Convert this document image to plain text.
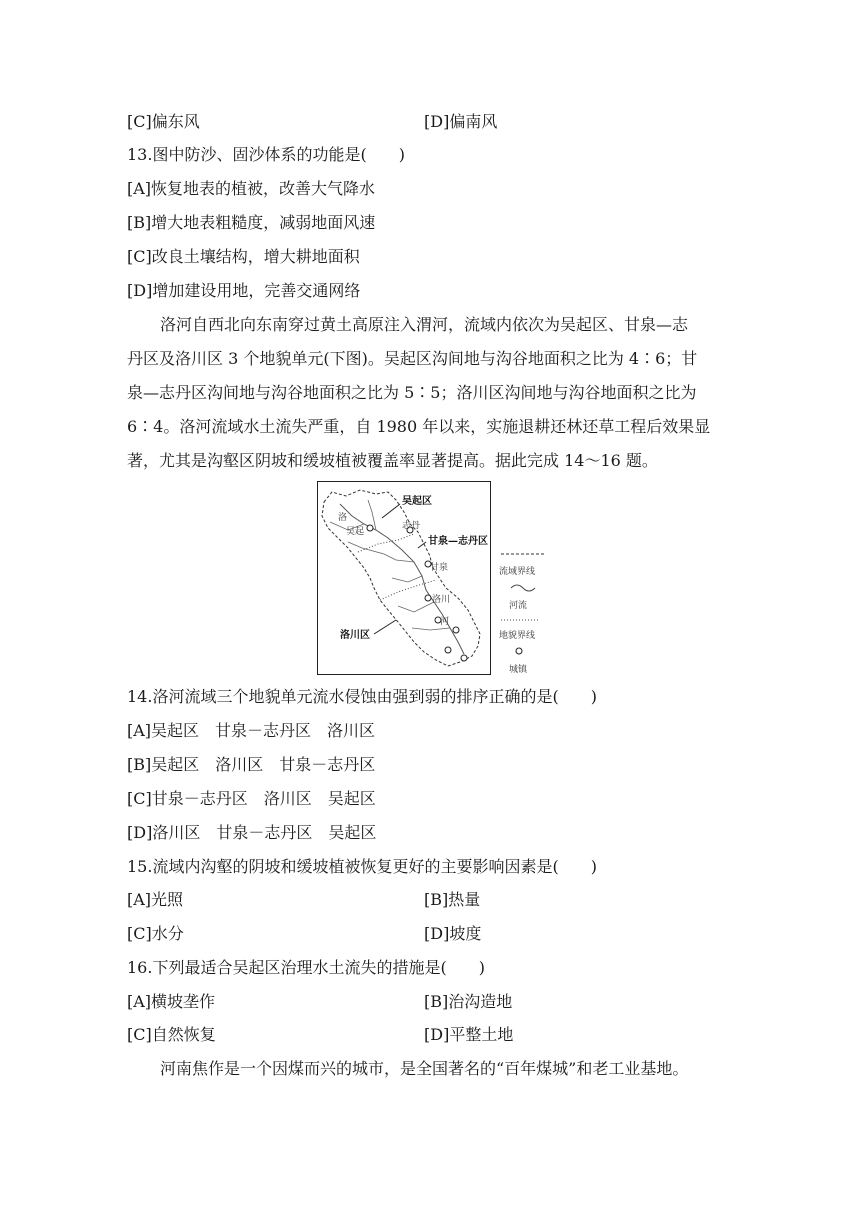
[C]偏东风	[D]偏南风
13.图中防沙、固沙体系的功能是(　　)
[A]恢复地表的植被，改善大气降水
[B]增大地表粗糙度，减弱地面风速
[C]改良土壤结构，增大耕地面积
[D]增加建设用地，完善交通网络
洛河自西北向东南穿过黄土高原注入渭河，流域内依次为吴起区、甘泉—志
丹区及洛川区 3 个地貌单元(下图)。吴起区沟间地与沟谷地面积之比为 4∶6；甘
泉—志丹区沟间地与沟谷地面积之比为 5∶5；洛川区沟间地与沟谷地面积之比为
6∶4。洛河流域水土流失严重，自 1980 年以来，实施退耕还林还草工程后效果显
著，尤其是沟壑区阴坡和缓坡植被覆盖率显著提高。据此完成 14～16 题。
吴起区
洛
吴起
志丹
甘泉—志丹区
甘泉
洛川
河
洛川区
流域界线
河流
地貌界线
城镇
14.洛河流域三个地貌单元流水侵蚀由强到弱的排序正确的是(　　)
[A]吴起区　甘泉－志丹区　洛川区
[B]吴起区　洛川区　甘泉－志丹区
[C]甘泉－志丹区　洛川区　吴起区
[D]洛川区　甘泉－志丹区　吴起区
15.流域内沟壑的阴坡和缓坡植被恢复更好的主要影响因素是(　　)
[A]光照	[B]热量
[C]水分	[D]坡度
16.下列最适合吴起区治理水土流失的措施是(　　)
[A]横坡垄作	[B]治沟造地
[C]自然恢复	[D]平整土地
河南焦作是一个因煤而兴的城市，是全国著名的“百年煤城”和老工业基地。
